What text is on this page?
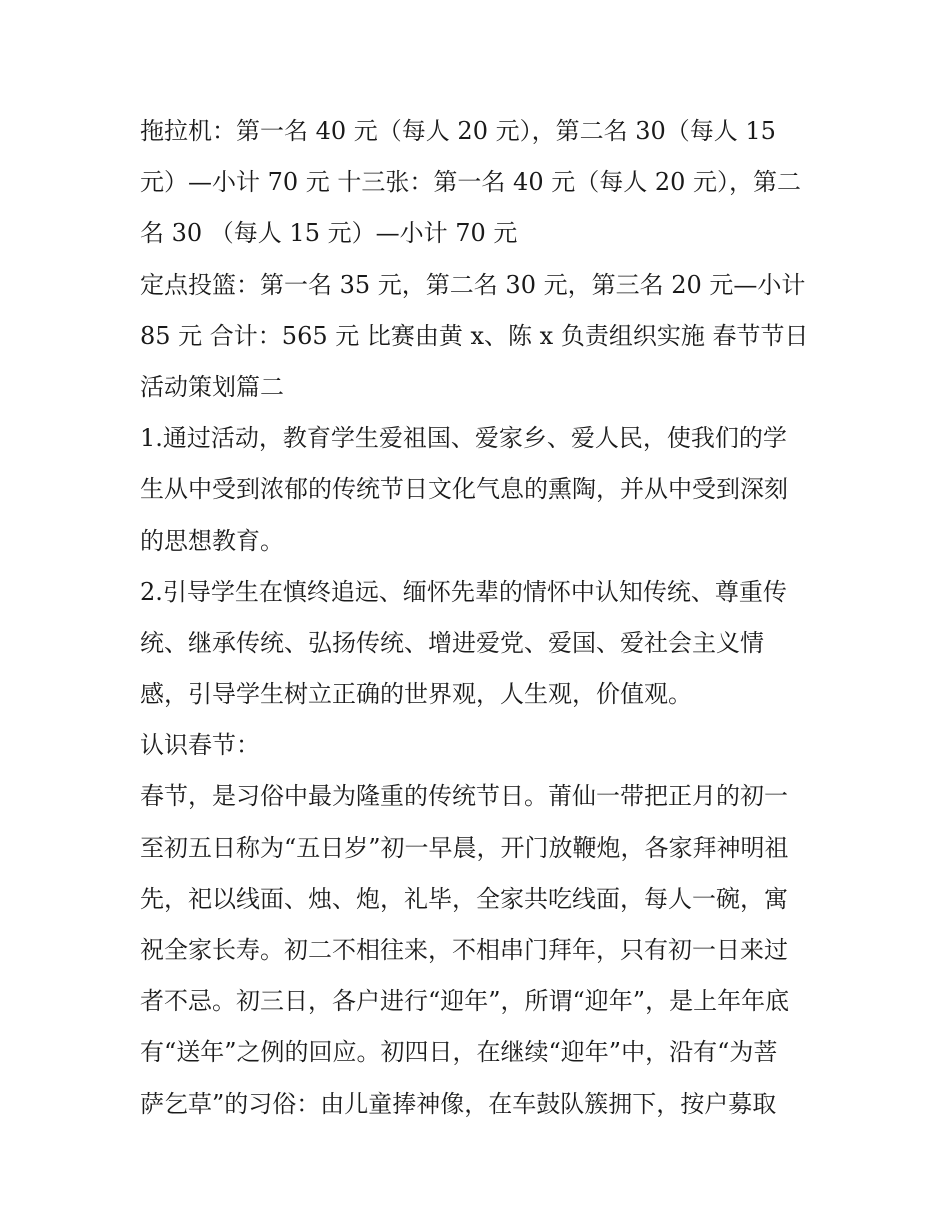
拖拉机：第一名 40 元（每人 20 元），第二名 30（每人 15
元）—小计 70 元 十三张：第一名 40 元（每人 20 元），第二
名 30 （每人 15 元）—小计 70 元
定点投篮：第一名 35 元，第二名 30 元，第三名 20 元—小计
85 元 合计：565 元 比赛由黄 x、陈 x 负责组织实施 春节节日
活动策划篇二
1.通过活动，教育学生爱祖国、爱家乡、爱人民，使我们的学
生从中受到浓郁的传统节日文化气息的熏陶，并从中受到深刻
的思想教育。
2.引导学生在慎终追远、缅怀先辈的情怀中认知传统、尊重传
统、继承传统、弘扬传统、增进爱党、爱国、爱社会主义情
感，引导学生树立正确的世界观，人生观，价值观。
认识春节：
春节，是习俗中最为隆重的传统节日。莆仙一带把正月的初一
至初五日称为“五日岁”初一早晨，开门放鞭炮，各家拜神明祖
先，祀以线面、烛、炮，礼毕，全家共吃线面，每人一碗，寓
祝全家长寿。初二不相往来，不相串门拜年，只有初一日来过
者不忌。初三日，各户进行“迎年”，所谓“迎年”，是上年年底
有“送年”之例的回应。初四日，在继续“迎年”中，沿有“为菩
萨乞草”的习俗：由儿童捧神像，在车鼓队簇拥下，按户募取
